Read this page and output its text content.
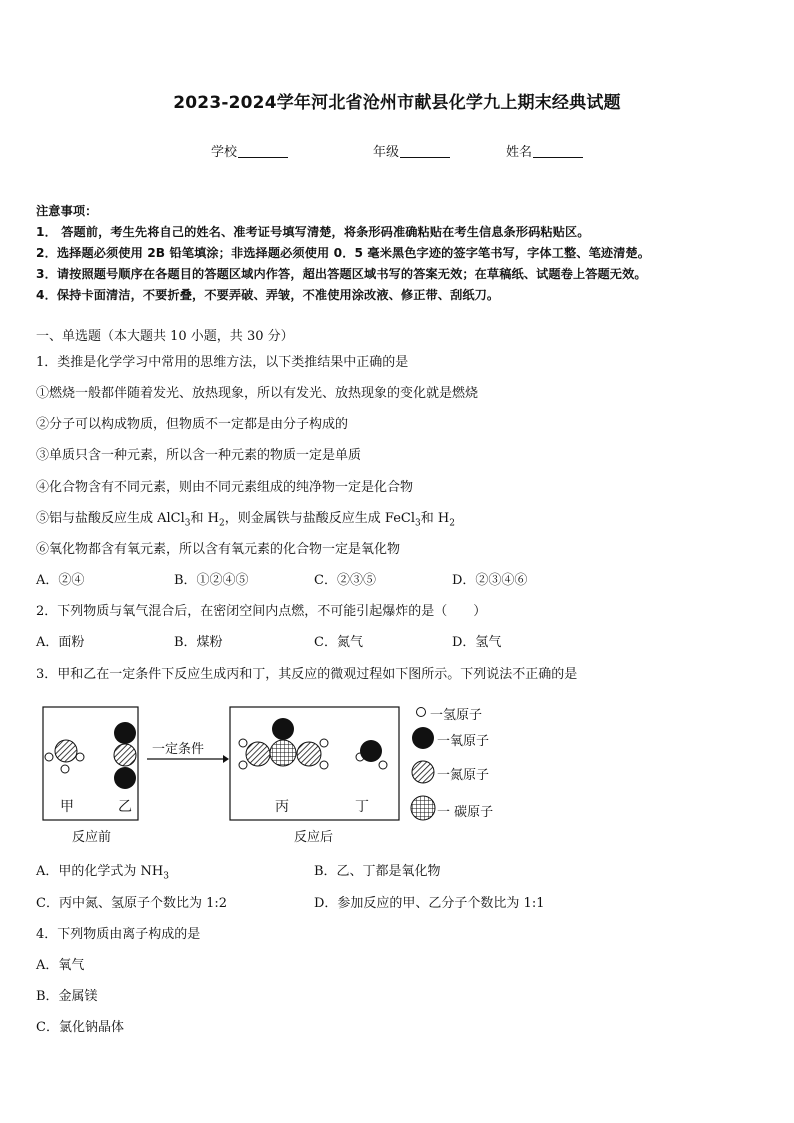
2023-2024学年河北省沧州市献县化学九上期末经典试题
学校	年级	姓名
注意事项：
1． 答题前，考生先将自己的姓名、准考证号填写清楚，将条形码准确粘贴在考生信息条形码粘贴区。
2．选择题必须使用 2B 铅笔填涂；非选择题必须使用 0．5 毫米黑色字迹的签字笔书写，字体工整、笔迹清楚。
3．请按照题号顺序在各题目的答题区域内作答，超出答题区域书写的答案无效；在草稿纸、试题卷上答题无效。
4．保持卡面清洁，不要折叠，不要弄破、弄皱，不准使用涂改液、修正带、刮纸刀。
一、单选题（本大题共 10 小题，共 30 分）
1．类推是化学学习中常用的思维方法，以下类推结果中正确的是
①燃烧一般都伴随着发光、放热现象，所以有发光、放热现象的变化就是燃烧
②分子可以构成物质，但物质不一定都是由分子构成的
③单质只含一种元素，所以含一种元素的物质一定是单质
④化合物含有不同元素，则由不同元素组成的纯净物一定是化合物
⑤铝与盐酸反应生成 AlCl$_3$和 $H_2$，则金属铁与盐酸反应生成 FeCl$_3$和 $H_2$
⑥氧化物都含有氧元素，所以含有氧元素的化合物一定是氧化物
A．②④	B．①②④⑤	C．②③⑤	D．②③④⑥
2．下列物质与氧气混合后，在密闭空间内点燃，不可能引起爆炸的是（　　）
A．面粉	B．煤粉	C．氮气	D．氢气
3．甲和乙在一定条件下反应生成丙和丁，其反应的微观过程如下图所示。下列说法不正确的是
甲	乙	丙	丁
一定条件
反应前	反应后
一氢原子
一氧原子
一氮原子
一 碳原子
A．甲的化学式为 $NH_3$	B．乙、丁都是氧化物
C．丙中氮、氢原子个数比为 1:2	D．参加反应的甲、乙分子个数比为 1:1
4．下列物质由离子构成的是
A．氧气
B．金属镁
C．氯化钠晶体
